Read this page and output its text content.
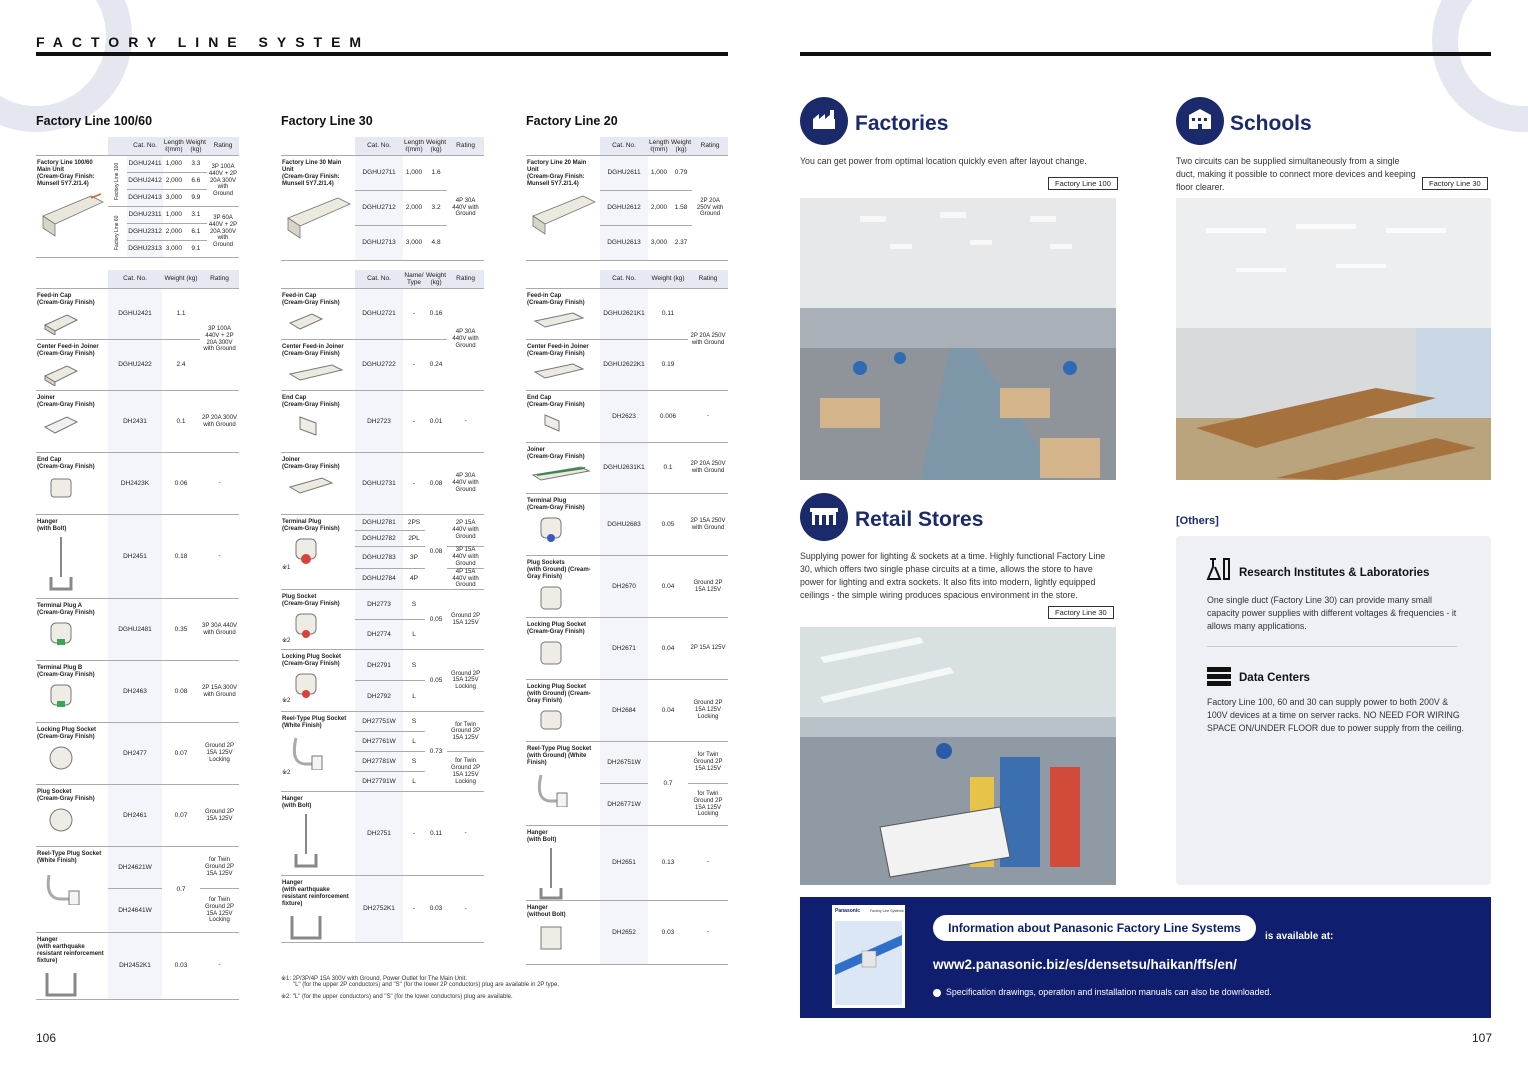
FACTORY LINE SYSTEM
Factory Line 100/60	Factory Line 30	Factory Line 20
		Cat. No.	Length ℓ(mm)	Weight (kg)	Rating
Factory Line 100/60 Main Unit
(Cream-Gray Finish: Munsell 5Y7.2/1.4)	Factory Line 100	DGHU2411	1,000	3.3	3P 100A 440V + 2P 20A 300V with Ground
		DGHU2412	2,000	6.6	
		DGHU2413	3,000	9.9	
	Factory Line 60	DGHU2311	1,000	3.1	3P 60A 440V + 2P 20A 300V with Ground
		DGHU2312	2,000	6.1	
		DGHU2313	3,000	9.1	
	Cat. No.	Weight (kg)	Rating
Feed-in Cap
(Cream-Gray Finish)	DGHU2421	1.1	3P 100A 440V + 2P 20A 300V with Ground
Center Feed-in Joiner
(Cream-Gray Finish)	DGHU2422	2.4	
Joiner
(Cream-Gray Finish)	DH2431	0.1	2P 20A 300V with Ground
End Cap
(Cream-Gray Finish)	DH2423K	0.06	-
Hanger
(with Bolt)	DH2451	0.18	-
Terminal Plug A
(Cream-Gray Finish)	DGHU2481	0.35	3P 30A 440V with Ground
Terminal Plug B
(Cream-Gray Finish)	DH2463	0.08	2P 15A 300V with Ground
Locking Plug Socket
(Cream-Gray Finish)	DH2477	0.07	Ground 2P 15A 125V Locking
Plug Socket
(Cream-Gray Finish)	DH2461	0.07	Ground 2P 15A 125V
Reel-Type Plug Socket
(White Finish)	DH24621W	0.7	for Twin Ground 2P 15A 125V
	DH24641W		for Twin Ground 2P 15A 125V Locking
Hanger
(with earthquake resistant reinforcement fixture)	DH2452K1	0.03	-
	Cat. No.	Length ℓ(mm)	Weight (kg)	Rating
Factory Line 30 Main Unit
(Cream-Gray Finish: Munsell 5Y7.2/1.4)	DGHU2711	1,000	1.6	4P 30A 440V with Ground
	DGHU2712	2,000	3.2	
	DGHU2713	3,000	4.8	
	Cat. No.	Name/ Type	Weight (kg)	Rating
Feed-in Cap
(Cream-Gray Finish)	DGHU2721	-	0.16	4P 30A 440V with Ground
Center Feed-in Joiner
(Cream-Gray Finish)	DGHU2722	-	0.24	
End Cap
(Cream-Gray Finish)	DH2723	-	0.01	-
Joiner
(Cream-Gray Finish)	DGHU2731	-	0.08	4P 30A 440V with Ground
Terminal Plug
(Cream-Gray Finish)
※1	DGHU2781	2PS	0.08	2P 15A 440V with Ground
	DGHU2782	2PL		
	DGHU2783	3P		3P 15A 440V with Ground
	DGHU2784	4P		4P 15A 440V with Ground
Plug Socket
(Cream-Gray Finish)
※2	DH2773	S	0.05	Ground 2P 15A 125V
	DH2774	L		
Locking Plug Socket
(Cream-Gray Finish)
※2	DH2791	S	0.05	Ground 2P 15A 125V Locking
	DH2792	L		
Reel-Type Plug Socket
(White Finish)
※2	DH27751W	S	0.73	for Twin Ground 2P 15A 125V
	DH27761W	L		
	DH27781W	S		for Twin Ground 2P 15A 125V Locking
	DH27791W	L		
Hanger
(with Bolt)	DH2751	-	0.11	-
Hanger
(with earthquake resistant reinforcement fixture)	DH2752K1	-	0.03	-
	Cat. No.	Length ℓ(mm)	Weight (kg)	Rating
Factory Line 20 Main Unit
(Cream-Gray Finish: Munsell 5Y7.2/1.4)	DGHU2611	1,000	0.79	2P 20A 250V with Ground
	DGHU2612	2,000	1.58	
	DGHU2613	3,000	2.37	
	Cat. No.	Weight (kg)	Rating
Feed-in Cap
(Cream-Gray Finish)	DGHU2621K1	0.11	2P 20A 250V with Ground
Center Feed-in Joiner
(Cream-Gray Finish)	DGHU2622K1	0.19	
End Cap
(Cream-Gray Finish)	DH2623	0.006	-
Joiner
(Cream-Gray Finish)	DGHU2631K1	0.1	2P 20A 250V with Ground
Terminal Plug
(Cream-Gray Finish)	DGHU2683	0.05	2P 15A 250V with Ground
Plug Sockets
(with Ground) (Cream-Gray Finish)	DH2670	0.04	Ground 2P 15A 125V
Locking Plug Socket
(Cream-Gray Finish)	DH2671	0.04	2P 15A 125V
Locking Plug Socket
(with Ground) (Cream-Gray Finish)	DH2684	0.04	Ground 2P 15A 125V Locking
Reel-Type Plug Socket
(with Ground) (White Finish)	DH26751W	0.7	for Twin Ground 2P 15A 125V
	DH26771W		for Twin Ground 2P 15A 125V Locking
Hanger
(with Bolt)	DH2651	0.13	-
Hanger
(without Bolt)	DH2652	0.03	-
※1: 2P/3P/4P 15A 300V with Ground, Power Outlet for The Main Unit.
"L" (for the upper 2P conductors) and "S" (for the lower 2P conductors) plug are available in 2P type.
※2: "L" (for the upper conductors) and "S" (for the lower conductors) plug are available.
106	107
Factories
You can get power from optimal location quickly even after layout change.
Factory Line 100
Schools
Two circuits can be supplied simultaneously from a single duct, making it possible to connect more devices and keeping floor clearer.	Factory Line 30
Retail Stores
Supplying power for lighting & sockets at a time. Highly functional Factory Line 30, which offers two single phase circuits at a time, allows the store to have power for lighting and extra sockets. It also fits into modern, lightly equipped ceilings - the simple wiring produces spacious environment in the store.
Factory Line 30
[Others]
Research Institutes & Laboratories
One single duct (Factory Line 30) can provide many small capacity power supplies with different voltages & frequencies - it allows many applications.
Data Centers
Factory Line 100, 60 and 30 can supply power to both 200V & 100V devices at a time on server racks. NO NEED FOR WIRING SPACE ON/UNDER FLOOR due to power supply from the ceiling.
Panasonic	Factory Line Systems
Information about Panasonic Factory Line Systems
is available at:
www2.panasonic.biz/es/densetsu/haikan/ffs/en/
Specification drawings, operation and installation manuals can also be downloaded.
